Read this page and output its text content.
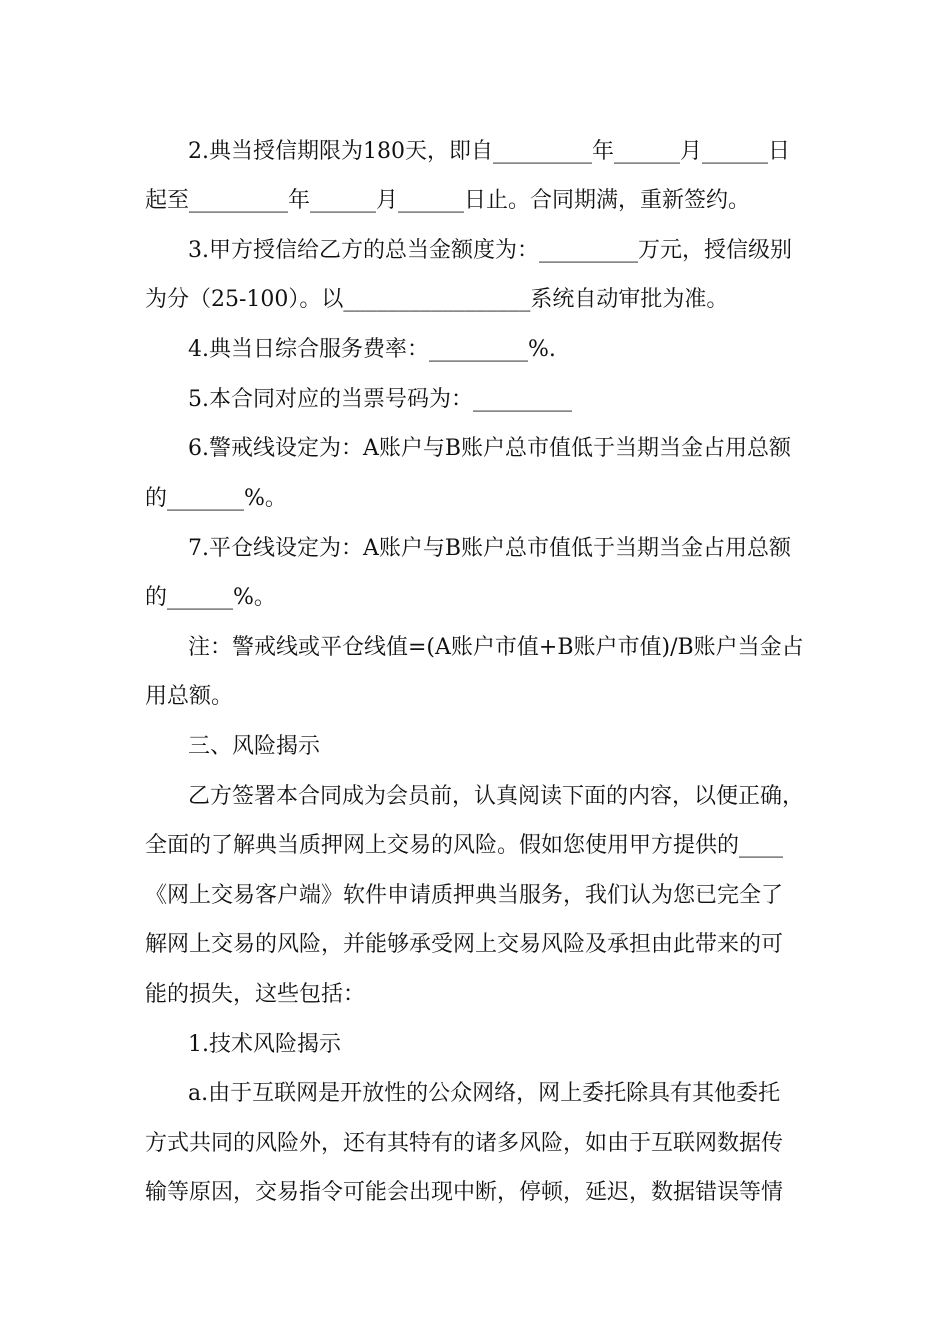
2.典当授信期限为180天，即自_________年______月______日
起至_________年______月______日止。合同期满，重新签约。
3.甲方授信给乙方的总当金额度为：_________万元，授信级别
为分（25-100）。以_________________系统自动审批为准。
4.典当日综合服务费率：_________%.
5.本合同对应的当票号码为：_________
6.警戒线设定为：A账户与B账户总市值低于当期当金占用总额
的_______%。
7.平仓线设定为：A账户与B账户总市值低于当期当金占用总额
的______%。
注：警戒线或平仓线值=(A账户市值+B账户市值)/B账户当金占
用总额。
三、风险揭示
乙方签署本合同成为会员前，认真阅读下面的内容，以便正确，
全面的了解典当质押网上交易的风险。假如您使用甲方提供的____
《网上交易客户端》软件申请质押典当服务，我们认为您已完全了
解网上交易的风险，并能够承受网上交易风险及承担由此带来的可
能的损失，这些包括：
1.技术风险揭示
a.由于互联网是开放性的公众网络，网上委托除具有其他委托
方式共同的风险外，还有其特有的诸多风险，如由于互联网数据传
输等原因，交易指令可能会出现中断，停顿，延迟，数据错误等情
